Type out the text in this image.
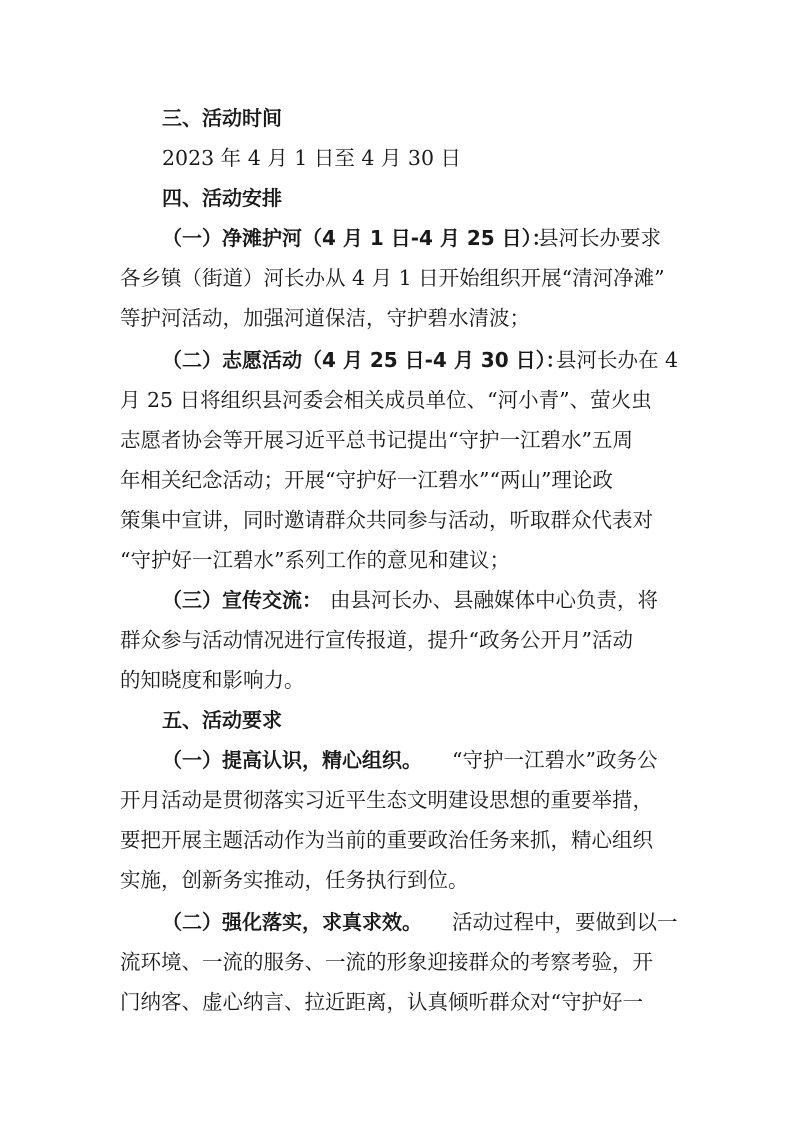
三、活动时间
2023 年 4 月 1 日至 4 月 30 日
四、活动安排
（一）净滩护河（4 月 1 日-4 月 25 日）：
县河长办要求
各乡镇（街道）河长办从 4 月 1 日开始组织开展“清河净滩”
等护河活动，加强河道保洁，守护碧水清波；
（二）志愿活动（4 月 25 日-4 月 30 日）：
县河长办在 4
月 25 日将组织县河委会相关成员单位、“河小青”、萤火虫
志愿者协会等开展习近平总书记提出“守护一江碧水”五周
年相关纪念活动；开展“守护好一江碧水”“两山”理论政
策集中宣讲，同时邀请群众共同参与活动，听取群众代表对
“守护好一江碧水”系列工作的意见和建议；
（三）宣传交流： 由县河长办、县融媒体中心负责，将
群众参与活动情况进行宣传报道，提升“政务公开月”活动
的知晓度和影响力。
五、活动要求
（一）提高认识，精心组织。 “守护一江碧水”政务公
开月活动是贯彻落实习近平生态文明建设思想的重要举措，
要把开展主题活动作为当前的重要政治任务来抓，精心组织
实施，创新务实推动，任务执行到位。
（二）强化落实，求真求效。 活动过程中，要做到以一
流环境、一流的服务、一流的形象迎接群众的考察考验，开
门纳客、虚心纳言、拉近距离，认真倾听群众对“守护好一
